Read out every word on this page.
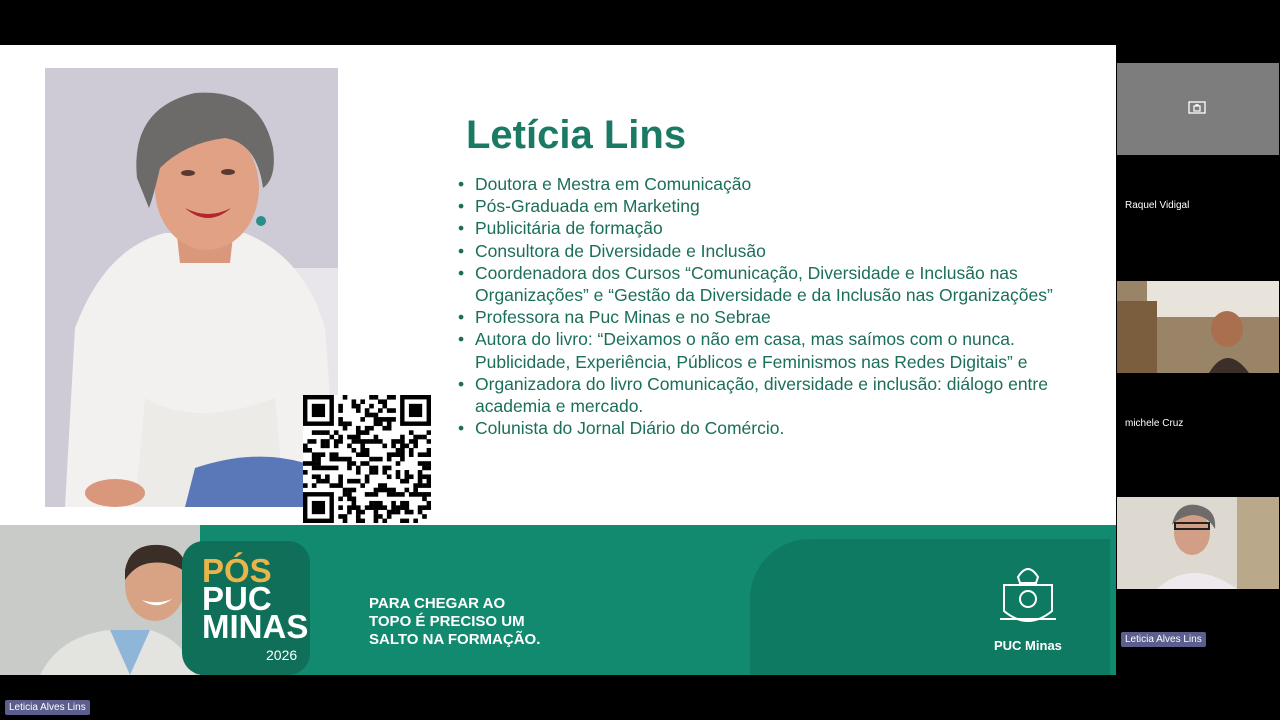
Letícia Lins
• Doutora e Mestra em Comunicação
• Pós-Graduada em Marketing
• Publicitária de formação
• Consultora de Diversidade e Inclusão
• Coordenadora dos Cursos “Comunicação, Diversidade e Inclusão nas Organizações” e “Gestão da Diversidade e da Inclusão nas Organizações”
• Professora na Puc Minas e no Sebrae
• Autora do livro: “Deixamos o não em casa, mas saímos com o nunca. Publicidade, Experiência, Públicos e Feminismos nas Redes Digitais” e
• Organizadora do livro Comunicação, diversidade e inclusão: diálogo entre academia e mercado.
• Colunista do Jornal Diário do Comércio.
PÓS
PUC
MINAS
2026
PARA CHEGAR AO
TOPO É PRECISO UM
SALTO NA FORMAÇÃO.	PUC Minas
Raquel Vidigal
michele Cruz
Leticia Alves Lins
Leticia Alves Lins
